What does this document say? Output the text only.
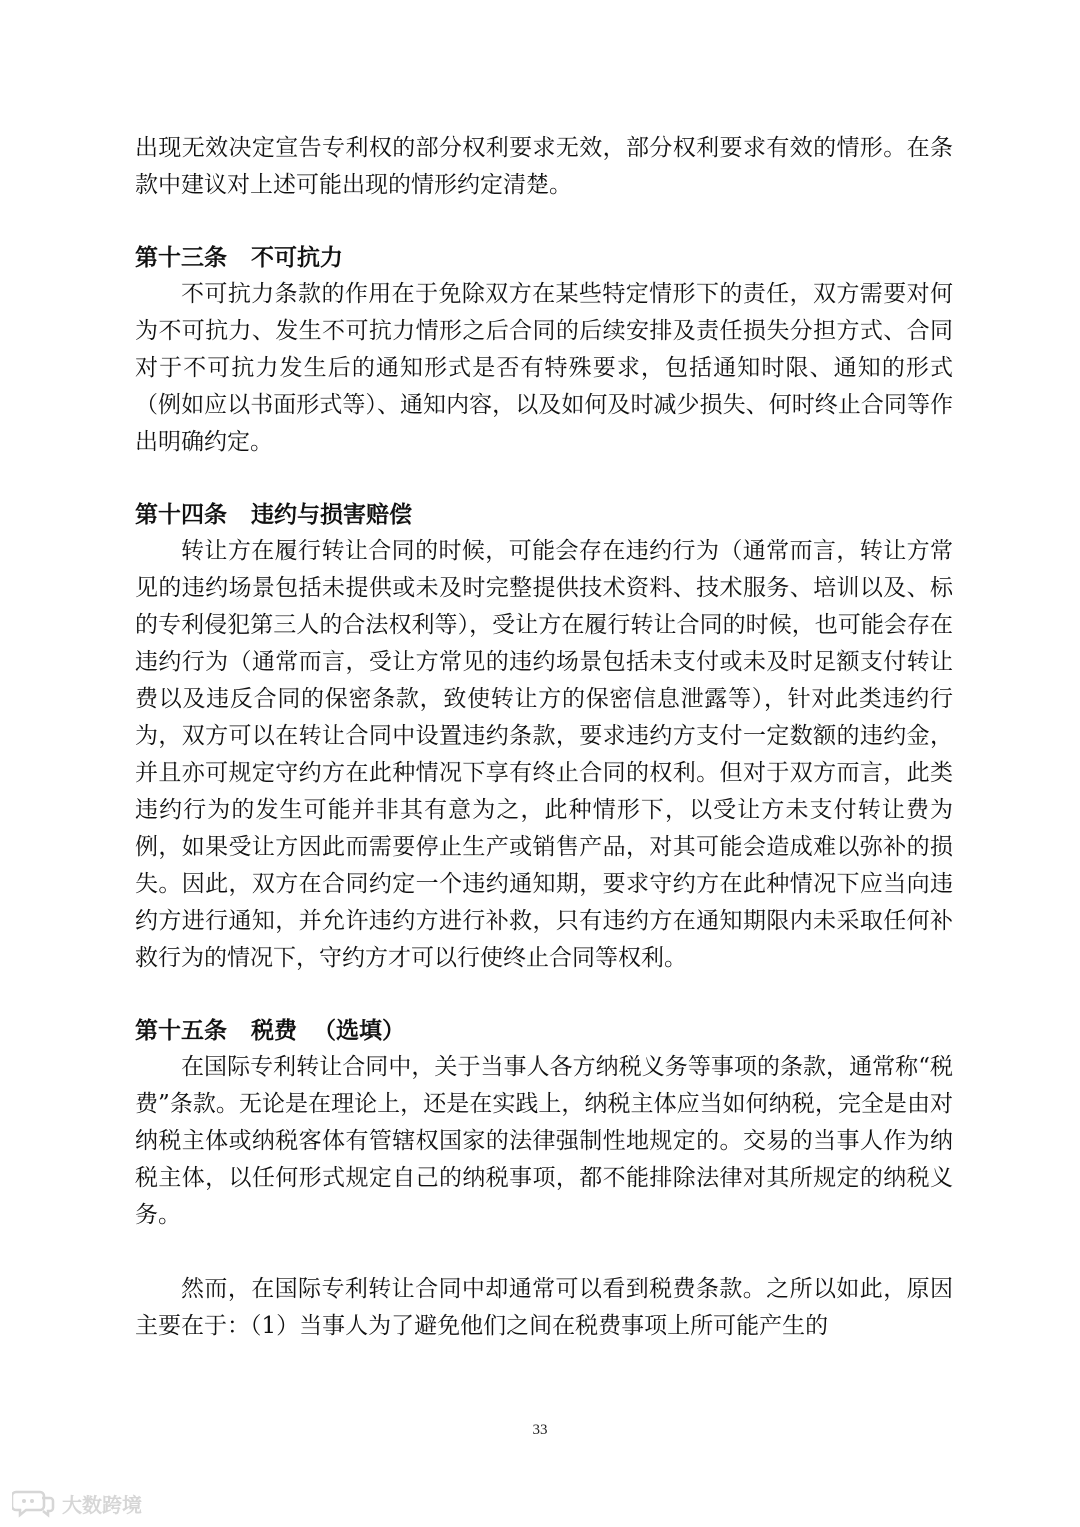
出现无效决定宣告专利权的部分权利要求无效，部分权利要求有效的情形。在条款中建议对上述可能出现的情形约定清楚。

第十三条 不可抗力

不可抗力条款的作用在于免除双方在某些特定情形下的责任，双方需要对何为不可抗力、发生不可抗力情形之后合同的后续安排及责任损失分担方式、合同对于不可抗力发生后的通知形式是否有特殊要求，包括通知时限、通知的形式（例如应以书面形式等）、通知内容，以及如何及时减少损失、何时终止合同等作出明确约定。

第十四条 违约与损害赔偿

转让方在履行转让合同的时候，可能会存在违约行为（通常而言，转让方常见的违约场景包括未提供或未及时完整提供技术资料、技术服务、培训以及、标的专利侵犯第三人的合法权利等），受让方在履行转让合同的时候，也可能会存在违约行为（通常而言，受让方常见的违约场景包括未支付或未及时足额支付转让费以及违反合同的保密条款，致使转让方的保密信息泄露等），针对此类违约行为，双方可以在转让合同中设置违约条款，要求违约方支付一定数额的违约金，并且亦可规定守约方在此种情况下享有终止合同的权利。但对于双方而言，此类违约行为的发生可能并非其有意为之，此种情形下，以受让方未支付转让费为例，如果受让方因此而需要停止生产或销售产品，对其可能会造成难以弥补的损失。因此，双方在合同约定一个违约通知期，要求守约方在此种情况下应当向违约方进行通知，并允许违约方进行补救，只有违约方在通知期限内未采取任何补救行为的情况下，守约方才可以行使终止合同等权利。

第十五条 税费 （选填）

在国际专利转让合同中，关于当事人各方纳税义务等事项的条款，通常称“税费”条款。无论是在理论上，还是在实践上，纳税主体应当如何纳税，完全是由对纳税主体或纳税客体有管辖权国家的法律强制性地规定的。交易的当事人作为纳税主体，以任何形式规定自己的纳税事项，都不能排除法律对其所规定的纳税义务。

然而，在国际专利转让合同中却通常可以看到税费条款。之所以如此，原因主要在于：（1）当事人为了避免他们之间在税费事项上所可能产生的

33
大数跨境
